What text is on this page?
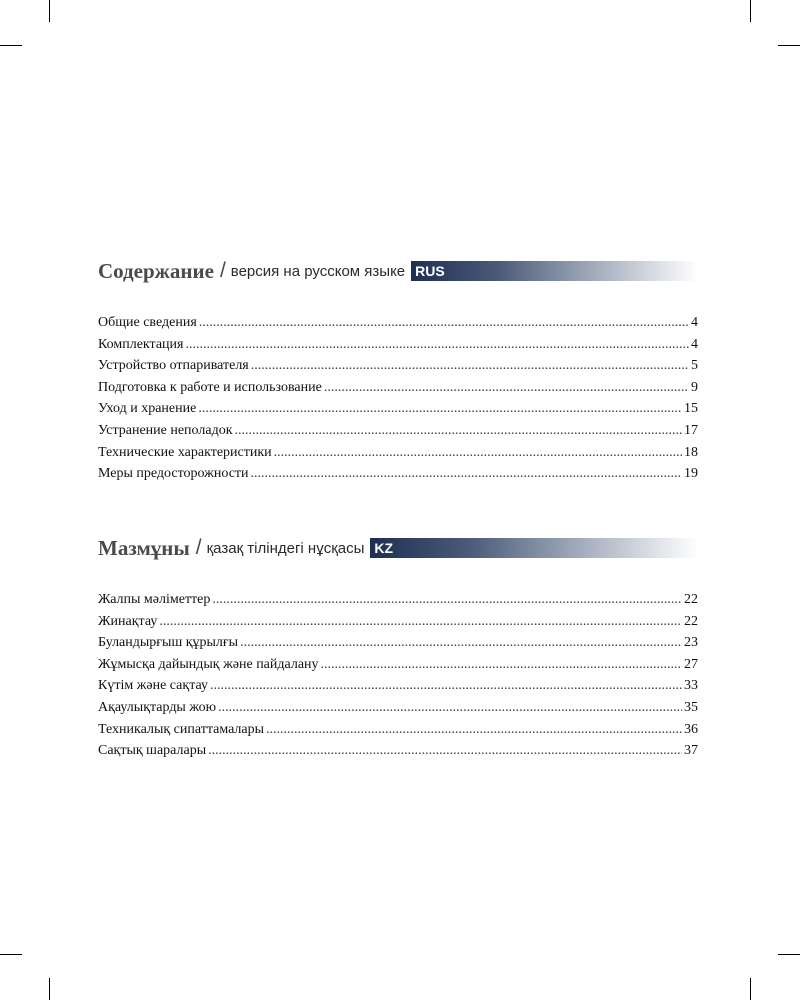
Содержание / версия на русском языке RUS
Общие сведения .....	4
Комплектация .....	4
Устройство отпаривателя .....	5
Подготовка к работе и использование .....	9
Уход и хранение .....	15
Устранение неполадок .....	17
Технические характеристики .....	18
Меры предосторожности .....	19
Мазмұны / қазақ тіліндегі нұсқасы KZ
Жалпы мәліметтер .....	22
Жинақтау .....	22
Буландырғыш құрылғы .....	23
Жұмысқа дайындық және пайдалану .....	27
Күтім және сақтау .....	33
Ақаулықтарды жою .....	35
Техникалық сипаттамалары .....	36
Сақтық шаралары .....	37
